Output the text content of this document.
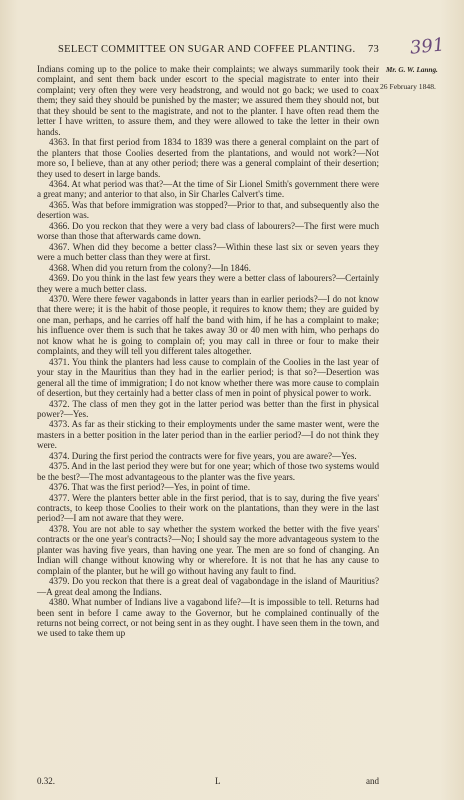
SELECT COMMITTEE ON SUGAR AND COFFEE PLANTING. 73 391
Mr. G. W. Lanng.
26 February 1848.

Indians coming up to the police to make their complaints; we always summarily took their complaint, and sent them back under escort to the special magistrate to enter into their complaint; very often they were very headstrong, and would not go back; we used to coax them; they said they should be punished by the master; we assured them they should not, but that they should be sent to the magistrate, and not to the planter. I have often read them the letter I have written, to assure them, and they were allowed to take the letter in their own hands.

4363. In that first period from 1834 to 1839 was there a general complaint on the part of the planters that those Coolies deserted from the plantations, and would not work?—Not more so, I believe, than at any other period; there was a general complaint of their desertion; they used to desert in large bands.

4364. At what period was that?—At the time of Sir Lionel Smith's government there were a great many; and anterior to that also, in Sir Charles Calvert's time.

4365. Was that before immigration was stopped?—Prior to that, and subsequently also the desertion was.

4366. Do you reckon that they were a very bad class of labourers?—The first were much worse than those that afterwards came down.

4367. When did they become a better class?—Within these last six or seven years they were a much better class than they were at first.

4368. When did you return from the colony?—In 1846.

4369. Do you think in the last few years they were a better class of labourers?—Certainly they were a much better class.

4370. Were there fewer vagabonds in latter years than in earlier periods?—I do not know that there were; it is the habit of those people, it requires to know them; they are guided by one man, perhaps, and he carries off half the band with him, if he has a complaint to make; his influence over them is such that he takes away 30 or 40 men with him, who perhaps do not know what he is going to complain of; you may call in three or four to make their complaints, and they will tell you different tales altogether.

4371. You think the planters had less cause to complain of the Coolies in the last year of your stay in the Mauritius than they had in the earlier period; is that so?—Desertion was general all the time of immigration; I do not know whether there was more cause to complain of desertion, but they certainly had a better class of men in point of physical power to work.

4372. The class of men they got in the latter period was better than the first in physical power?—Yes.

4373. As far as their sticking to their employments under the same master went, were the masters in a better position in the later period than in the earlier period?—I do not think they were.

4374. During the first period the contracts were for five years, you are aware?—Yes.

4375. And in the last period they were but for one year; which of those two systems would be the best?—The most advantageous to the planter was the five years.

4376. That was the first period?—Yes, in point of time.

4377. Were the planters better able in the first period, that is to say, during the five years' contracts, to keep those Coolies to their work on the plantations, than they were in the last period?—I am not aware that they were.

4378. You are not able to say whether the system worked the better with the five years' contracts or the one year's contracts?—No; I should say the more advantageous system to the planter was having five years, than having one year. The men are so fond of changing. An Indian will change without knowing why or wherefore. It is not that he has any cause to complain of the planter, but he will go without having any fault to find.

4379. Do you reckon that there is a great deal of vagabondage in the island of Mauritius?—A great deal among the Indians.

4380. What number of Indians live a vagabond life?—It is impossible to tell. Returns had been sent in before I came away to the Governor, but he complained continually of the returns not being correct, or not being sent in as they ought. I have seen them in the town, and we used to take them up

0.32.	L	and
